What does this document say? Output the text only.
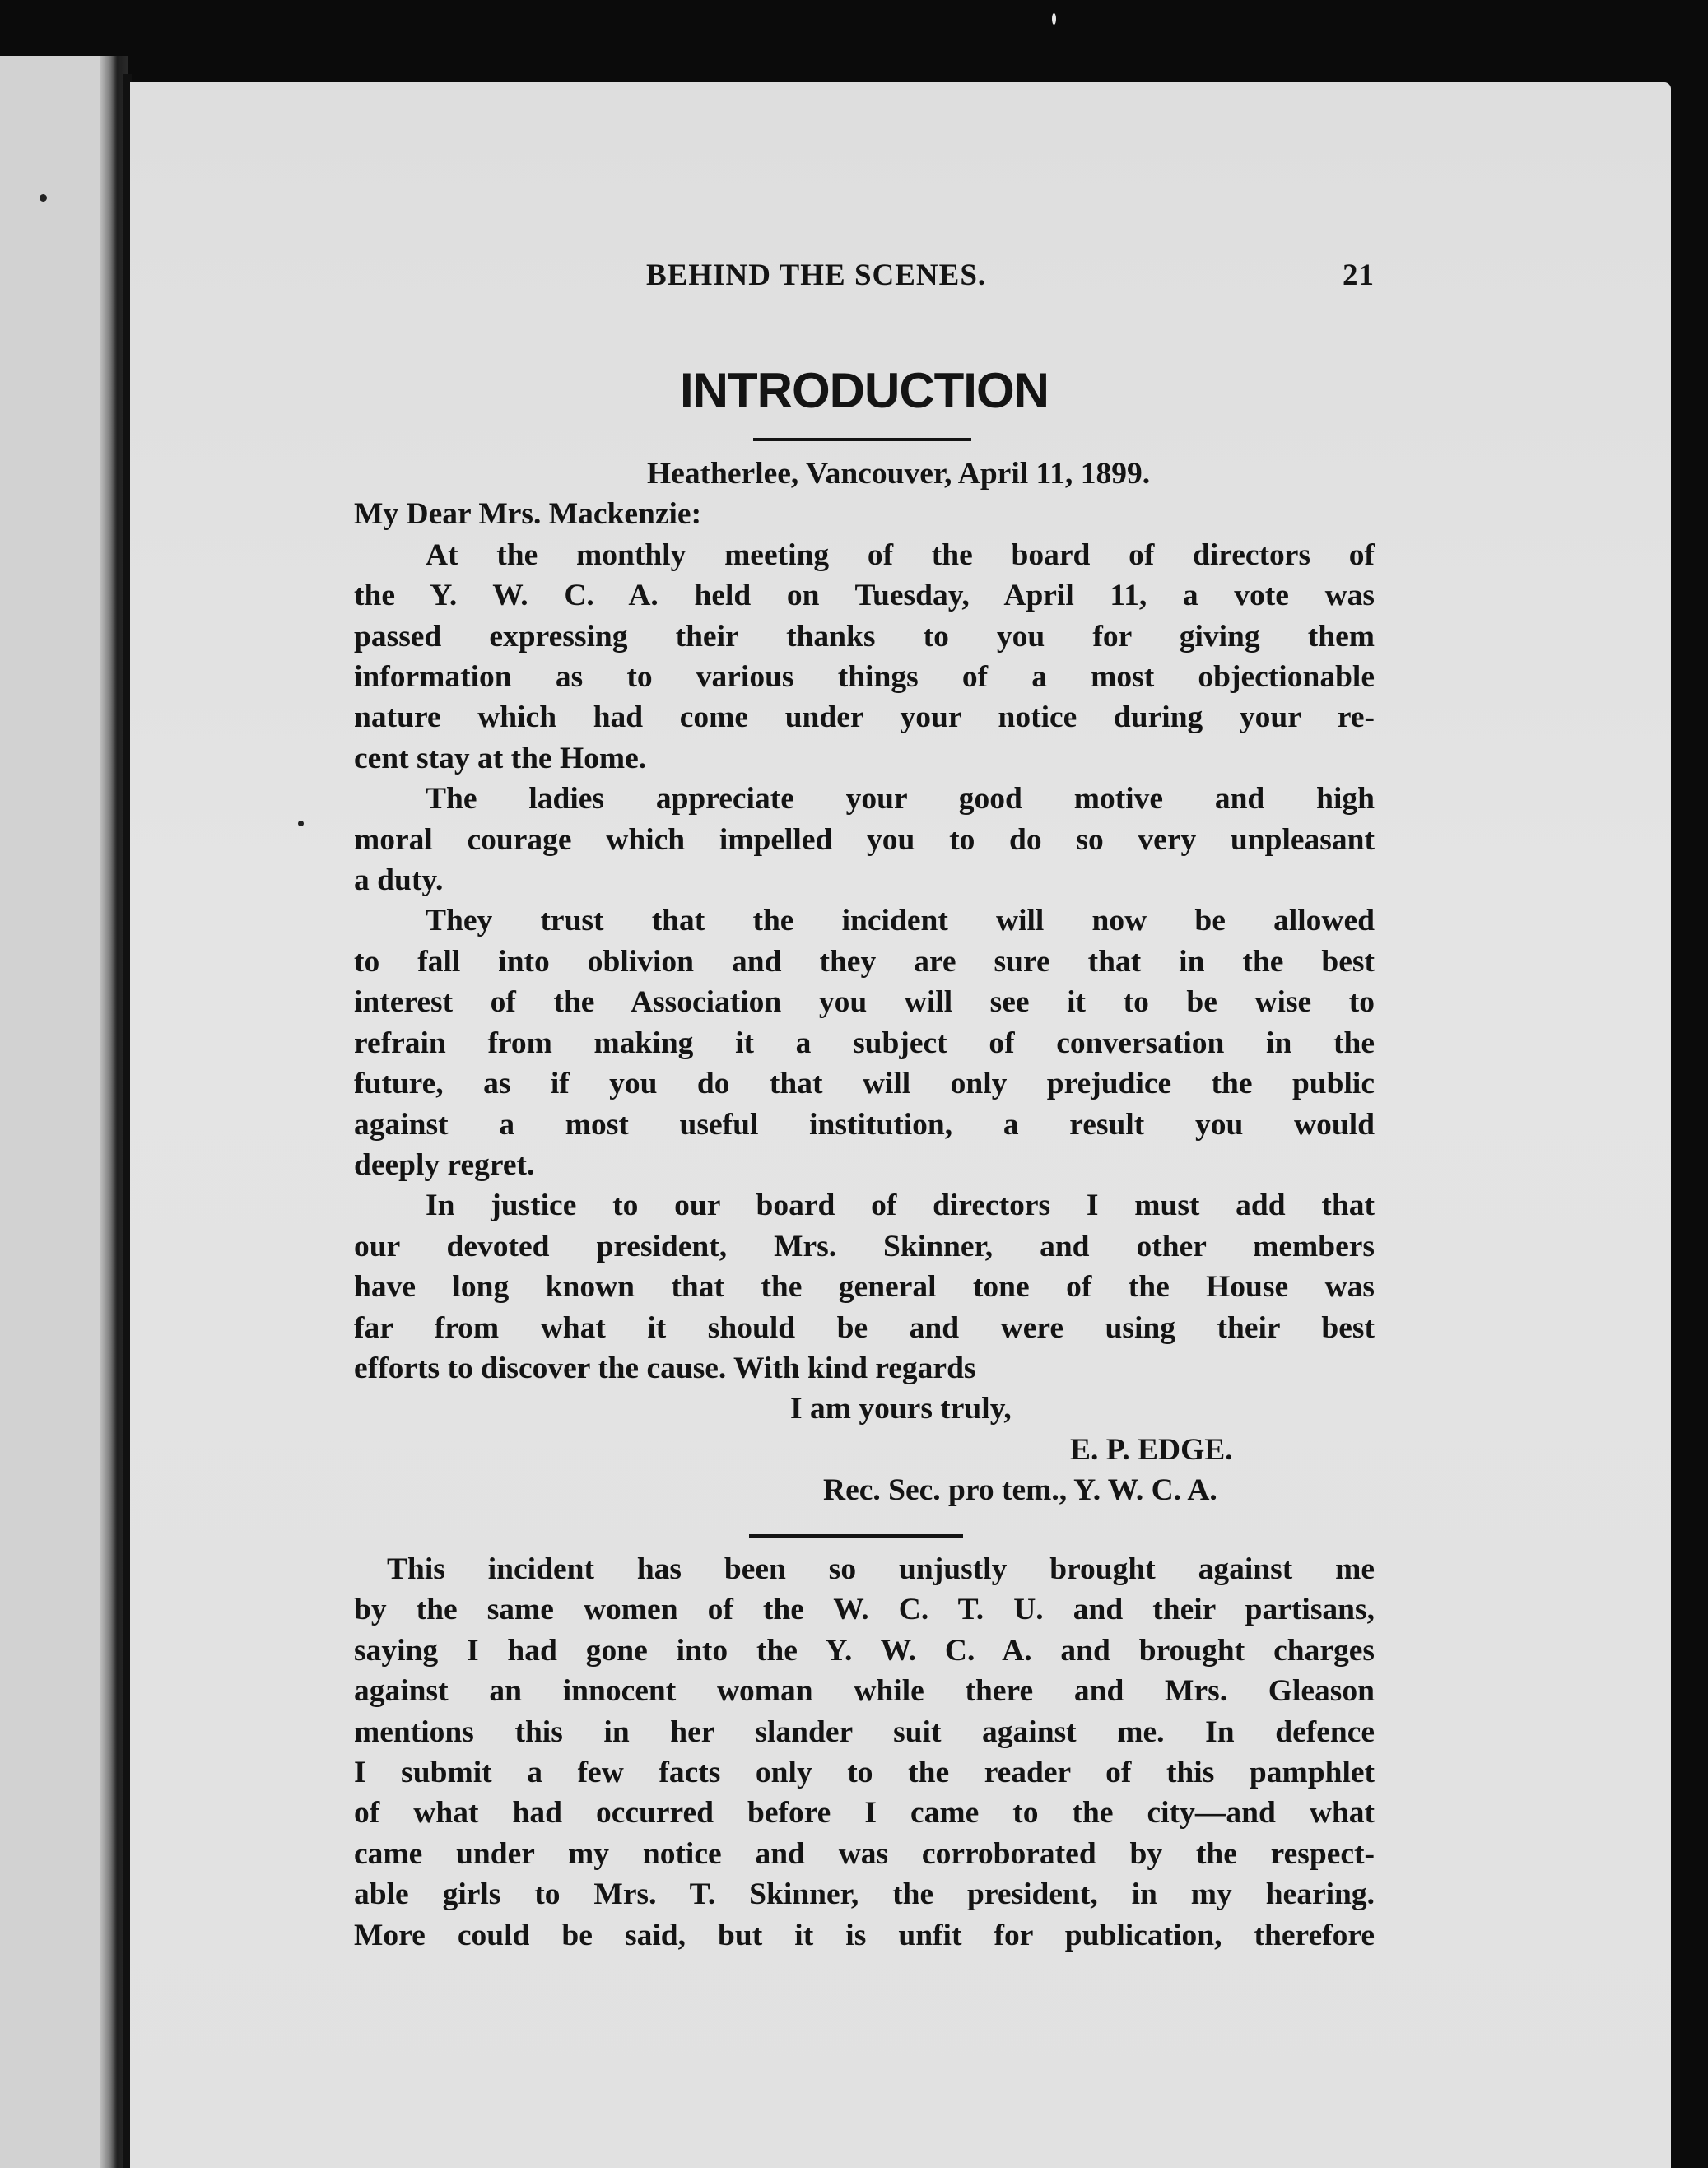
BEHIND THE SCENES.	21
INTRODUCTION
Heatherlee, Vancouver, April 11, 1899.
My Dear Mrs. Mackenzie:
At the monthly meeting of the board of directors of
the Y. W. C. A. held on Tuesday, April 11, a vote was
passed expressing their thanks to you for giving them
information as to various things of a most objectionable
nature which had come under your notice during your re-
cent stay at the Home.
The ladies appreciate your good motive and high
moral courage which impelled you to do so very unpleasant
a duty.
They trust that the incident will now be allowed
to fall into oblivion and they are sure that in the best
interest of the Association you will see it to be wise to
refrain from making it a subject of conversation in the
future, as if you do that will only prejudice the public
against a most useful institution, a result you would
deeply regret.
In justice to our board of directors I must add that
our devoted president, Mrs. Skinner, and other members
have long known that the general tone of the House was
far from what it should be and were using their best
efforts to discover the cause. With kind regards
I am yours truly,
E. P. EDGE.
Rec. Sec. pro tem., Y. W. C. A.
This incident has been so unjustly brought against me
by the same women of the W. C. T. U. and their partisans,
saying I had gone into the Y. W. C. A. and brought charges
against an innocent woman while there and Mrs. Gleason
mentions this in her slander suit against me. In defence
I submit a few facts only to the reader of this pamphlet
of what had occurred before I came to the city—and what
came under my notice and was corroborated by the respect-
able girls to Mrs. T. Skinner, the president, in my hearing.
More could be said, but it is unfit for publication, therefore
